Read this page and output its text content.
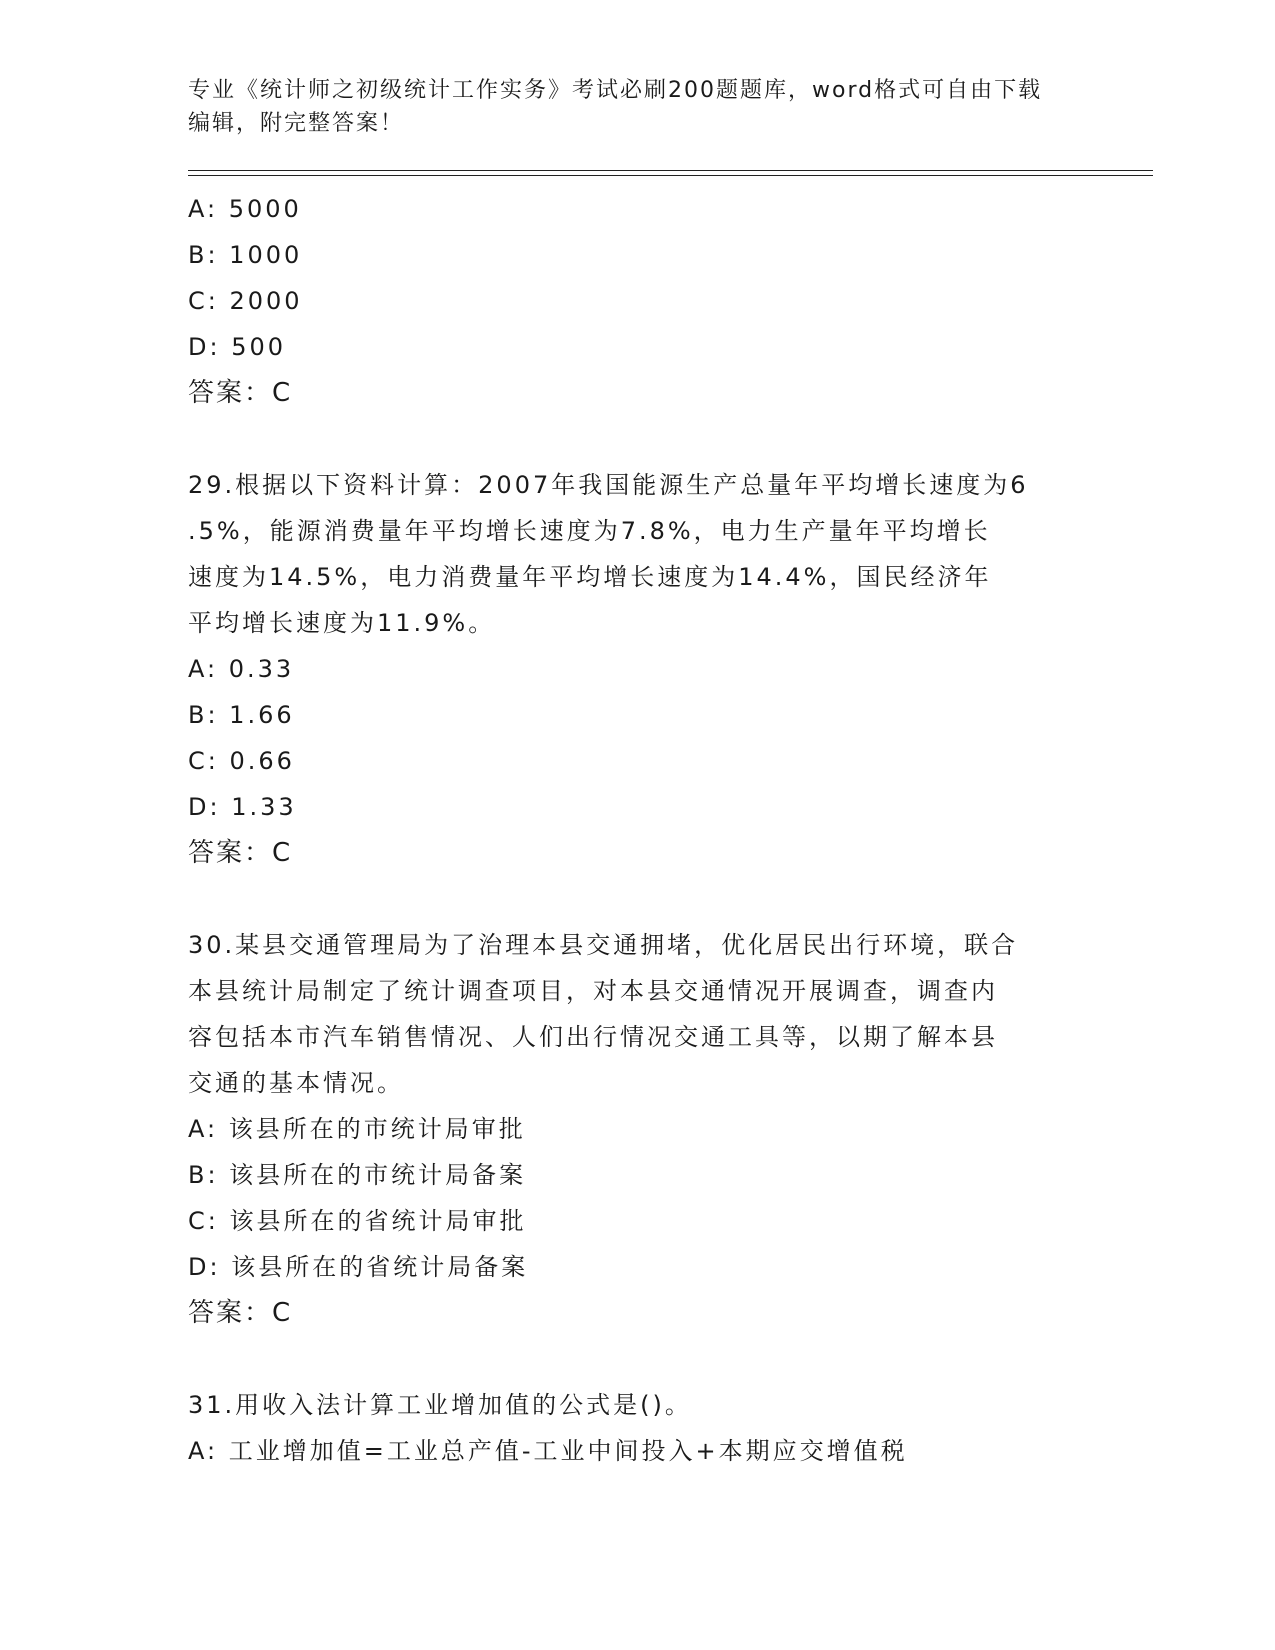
专业《统计师之初级统计工作实务》考试必刷200题题库，word格式可自由下载
编辑，附完整答案！
A: 5000
B: 1000
C: 2000
D: 500
答案：C
29.根据以下资料计算：2007年我国能源生产总量年平均增长速度为6
.5%，能源消费量年平均增长速度为7.8%，电力生产量年平均增长
速度为14.5%，电力消费量年平均增长速度为14.4%，国民经济年
平均增长速度为11.9%。
A: 0.33
B: 1.66
C: 0.66
D: 1.33
答案：C
30.某县交通管理局为了治理本县交通拥堵，优化居民出行环境，联合
本县统计局制定了统计调查项目，对本县交通情况开展调查，调查内
容包括本市汽车销售情况、人们出行情况交通工具等，以期了解本县
交通的基本情况。
A: 该县所在的市统计局审批
B: 该县所在的市统计局备案
C: 该县所在的省统计局审批
D: 该县所在的省统计局备案
答案：C
31.用收入法计算工业增加值的公式是()。
A: 工业增加值=工业总产值-工业中间投入+本期应交增值税
